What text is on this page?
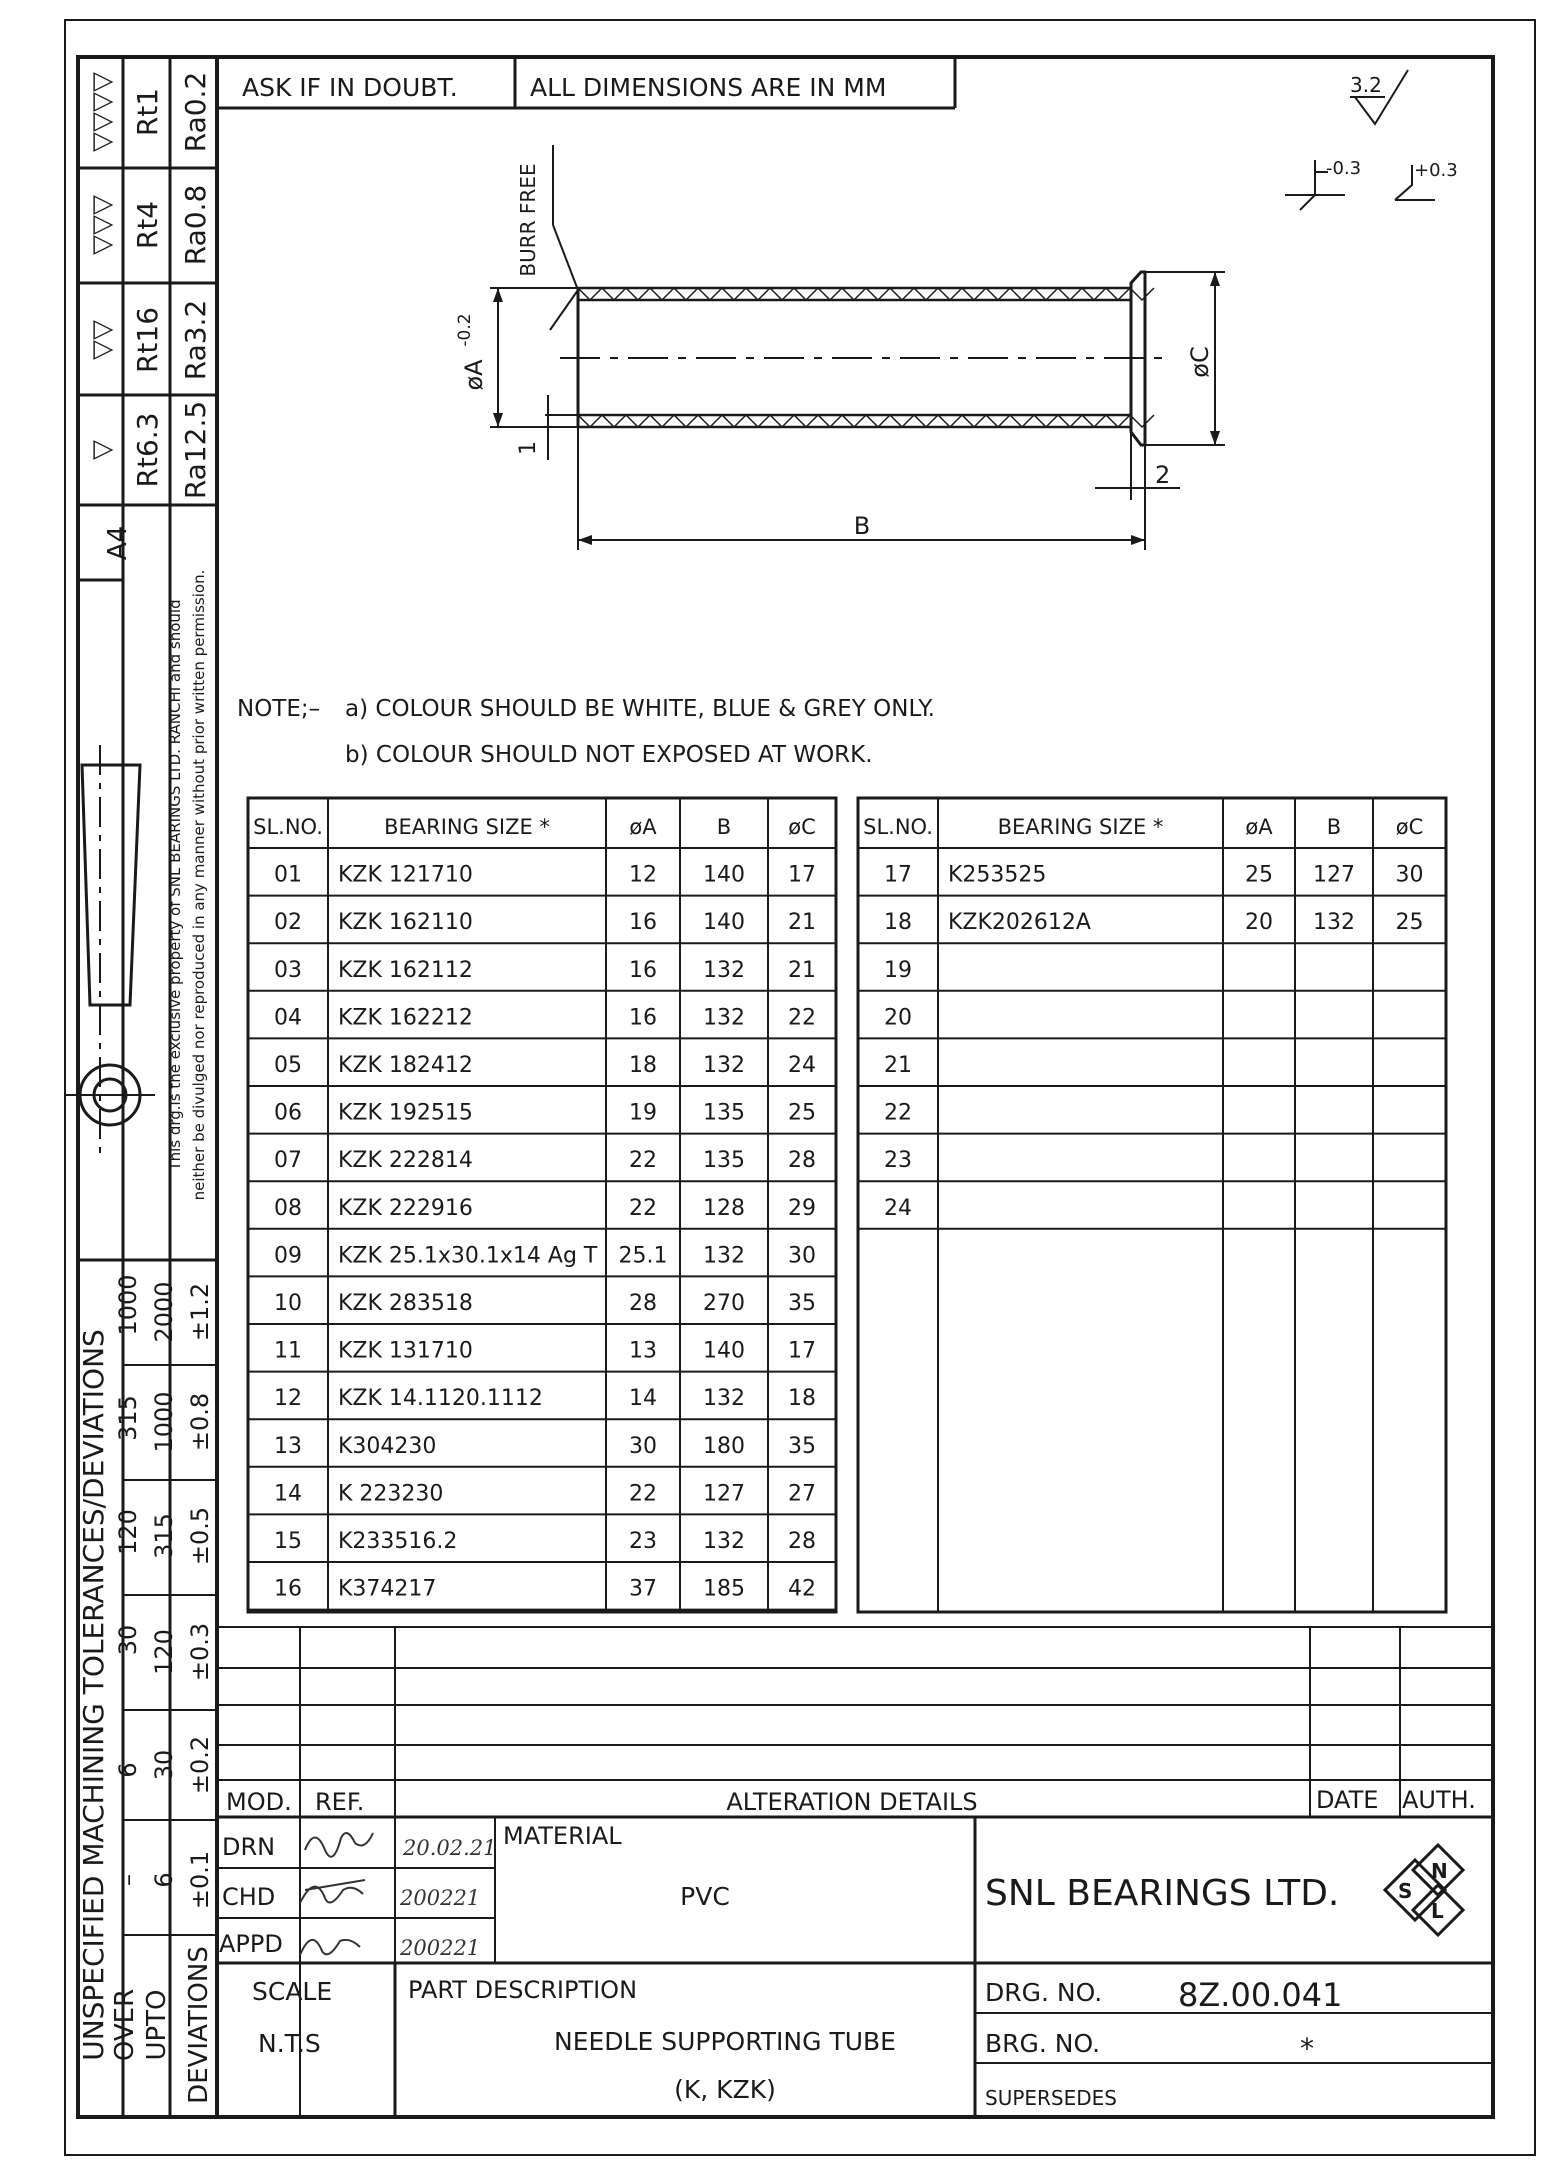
▽▽▽▽ Rt1 Ra0.2
▽▽▽ Rt4 Ra0.8
▽▽ Rt16 Ra3.2
▽ Rt6.3 Ra12.5
A4
This drg.is the exclusive property of SNL BEARINGS LTD. RANCHI and should neither be divulged nor reproduced in any manner without prior written permission.
UNSPECIFIED MACHINING TOLERANCES/DEVIATIONS OVER UPTO DEVIATIONS
1000 2000 ±1.2
315 1000 ±0.8
120 315 ±0.5
30 120 ±0.3
6 30 ±0.2
– 6 ±0.1
ASK IF IN DOUBT.	ALL DIMENSIONS ARE IN MM	3.2
-0.3	+0.3
BURR FREE
øA
-0.2
1
øC
2
B
NOTE;– a) COLOUR SHOULD BE WHITE, BLUE & GREY ONLY.
b) COLOUR SHOULD NOT EXPOSED AT WORK.
SL.NO.	BEARING SIZE *	øA	B	øC
01 KZK 121710	12 140 17
02 KZK 162110	16 140 21
03 KZK 162112	16 132 21
04 KZK 162212	16 132 22
05 KZK 182412	18 132 24
06 KZK 192515	19 135 25
07 KZK 222814	22 135 28
08 KZK 222916	22 128 29
09 KZK 25.1x30.1x14 Ag T 25.1 132 30
10 KZK 283518	28 270 35
11 KZK 131710	13 140 17
12 KZK 14.1120.1112	14 132 18
13 K304230	30 180 35
14 K 223230	22 127 27
15 K233516.2	23 132 28
16 K374217	37 185 42
SL.NO.	BEARING SIZE *	øA	B	øC
17 K253525	25 127 30
18 KZK202612A	20 132 25
19
20
21
22
23
24
MOD. REF.	ALTERATION DETAILS	DATE AUTH.
DRN
CHD
APPD
20.02.21
200221
200221
MATERIAL
PVC	SNL BEARINGS LTD.	S
N
L
SCALE
N.T.S
PART DESCRIPTION
NEEDLE SUPPORTING TUBE
(K, KZK)
DRG. NO. 8Z.00.041
BRG. NO.	*
SUPERSEDES
